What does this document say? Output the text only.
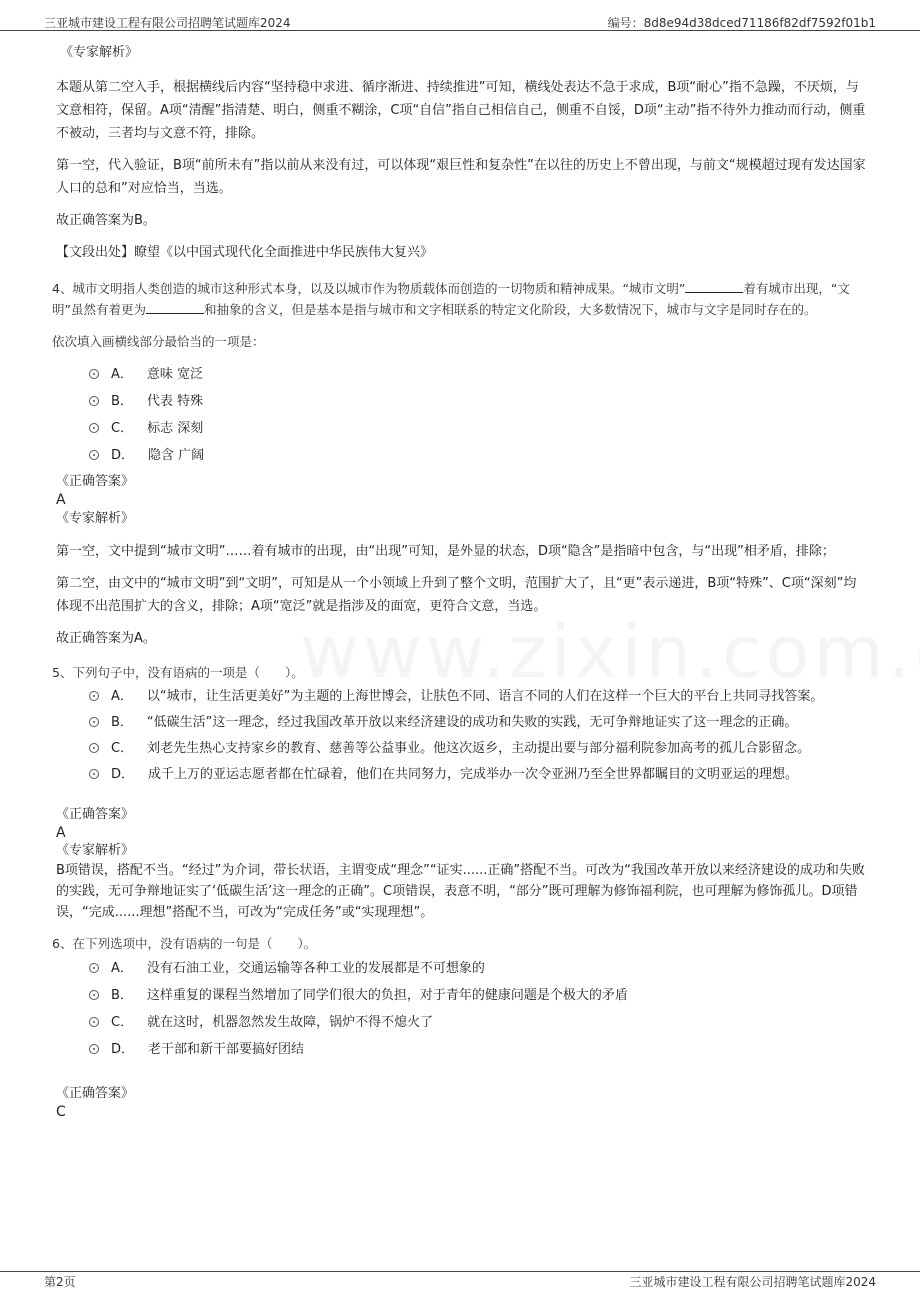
三亚城市建设工程有限公司招聘笔试题库2024	编号：8d8e94d38dced71186f82df7592f01b1

《专家解析》

本题从第二空入手，根据横线后内容“坚持稳中求进、循序渐进、持续推进”可知，横线处表达不急于求成，B项“耐心”指不急躁，不厌烦，与文意相符，保留。A项“清醒”指清楚、明白，侧重不糊涂，C项“自信”指自己相信自己，侧重不自馁，D项“主动”指不待外力推动而行动，侧重不被动，三者均与文意不符，排除。

第一空，代入验证，B项“前所未有”指以前从来没有过，可以体现“艰巨性和复杂性”在以往的历史上不曾出现，与前文“规模超过现有发达国家人口的总和”对应恰当，当选。

故正确答案为B。

【文段出处】瞭望《以中国式现代化全面推进中华民族伟大复兴》

4、城市文明指人类创造的城市这种形式本身，以及以城市作为物质载体而创造的一切物质和精神成果。“城市文明”	着有城市出现，“文明”虽然有着更为	和抽象的含义，但是基本是指与城市和文字相联系的特定文化阶段，大多数情况下，城市与文字是同时存在的。

依次填入画横线部分最恰当的一项是：

A． 意味 宽泛

B． 代表 特殊

C． 标志 深刻

D． 隐含 广阔

《正确答案》

A

《专家解析》

第一空，文中提到“城市文明”……着有城市的出现，由“出现”可知，是外显的状态，D项“隐含”是指暗中包含，与“出现”相矛盾，排除；

第二空，由文中的“城市文明”到“文明”，可知是从一个小领域上升到了整个文明，范围扩大了，且“更”表示递进，B项“特殊”、C项“深刻”均体现不出范围扩大的含义，排除；A项“宽泛”就是指涉及的面宽，更符合文意，当选。

故正确答案为A。

5、下列句子中，没有语病的一项是（　　）。

A． 以“城市，让生活更美好”为主题的上海世博会，让肤色不同、语言不同的人们在这样一个巨大的平台上共同寻找答案。

B． “低碳生活”这一理念，经过我国改革开放以来经济建设的成功和失败的实践，无可争辩地证实了这一理念的正确。

C． 刘老先生热心支持家乡的教育、慈善等公益事业。他这次返乡，主动提出要与部分福利院参加高考的孤儿合影留念。

D． 成千上万的亚运志愿者都在忙碌着，他们在共同努力，完成举办一次令亚洲乃至全世界都瞩目的文明亚运的理想。

《正确答案》

A

《专家解析》

B项错误，搭配不当。“经过”为介词，带长状语，主谓变成“理念”“证实......正确”搭配不当。可改为“我国改革开放以来经济建设的成功和失败的实践，无可争辩地证实了‘低碳生活’这一理念的正确”。C项错误，表意不明，“部分”既可理解为修饰福利院，也可理解为修饰孤儿。D项错误，“完成......理想”搭配不当，可改为“完成任务”或“实现理想”。

6、在下列选项中，没有语病的一句是（　　）。

A． 没有石油工业，交通运输等各种工业的发展都是不可想象的

B． 这样重复的课程当然增加了同学们很大的负担，对于青年的健康问题是个极大的矛盾

C． 就在这时，机器忽然发生故障，锅炉不得不熄火了

D． 老干部和新干部要搞好团结

《正确答案》

C

第2页	三亚城市建设工程有限公司招聘笔试题库2024
